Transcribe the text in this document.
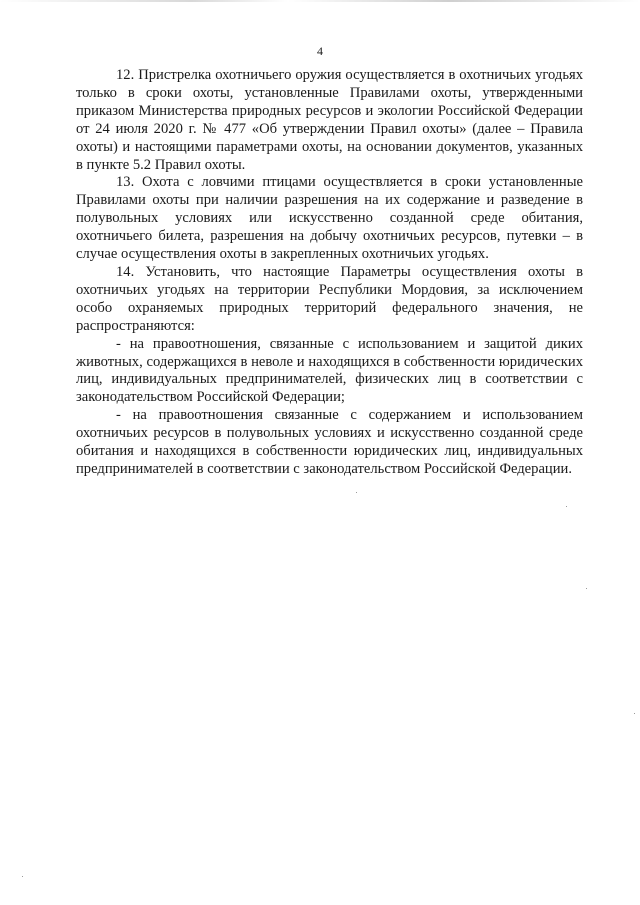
4

12. Пристрелка охотничьего оружия осуществляется в охотничьих угодьях только в сроки охоты, установленные Правилами охоты, утвержденными приказом Министерства природных ресурсов и экологии Российской Федерации от 24 июля 2020 г. № 477 «Об утверждении Правил охоты» (далее – Правила охоты) и настоящими параметрами охоты, на основании документов, указанных в пункте 5.2 Правил охоты.

13. Охота с ловчими птицами осуществляется в сроки установленные Правилами охоты при наличии разрешения на их содержание и разведение в полувольных условиях или искусственно созданной среде обитания, охотничьего билета, разрешения на добычу охотничьих ресурсов, путевки – в случае осуществления охоты в закрепленных охотничьих угодьях.

14. Установить, что настоящие Параметры осуществления охоты в охотничьих угодьях на территории Республики Мордовия, за исключением особо охраняемых природных территорий федерального значения, не распространяются:

- на правоотношения, связанные с использованием и защитой диких животных, содержащихся в неволе и находящихся в собственности юридических лиц, индивидуальных предпринимателей, физических лиц в соответствии с законодательством Российской Федерации;

- на правоотношения связанные с содержанием и использованием охотничьих ресурсов в полувольных условиях и искусственно созданной среде обитания и находящихся в собственности юридических лиц, индивидуальных предпринимателей в соответствии с законодательством Российской Федерации.
